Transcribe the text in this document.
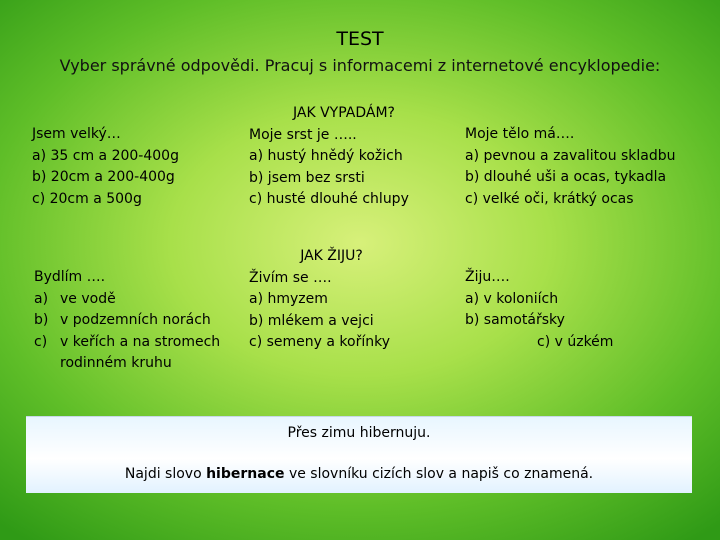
TEST
Vyber správné odpovědi. Pracuj s informacemi z internetové encyklopedie:
Jsem velký…
a) 35 cm a 200-400g
b) 20cm a 200-400g
c) 20cm a 500g
JAK VYPADÁM?
Moje srst je …..
a) hustý hnědý kožich
b) jsem bez srsti
c) husté dlouhé chlupy
Moje tělo má….
a) pevnou a zavalitou skladbu
b) dlouhé uši a ocas, tykadla
c) velké oči, krátký ocas
Bydlím ….
a) ve vodě
b) v podzemních norách
c) v keřích a na stromech rodinném kruhu
JAK ŽIJU?
Živím se ….
a) hmyzem
b) mlékem a vejci
c) semeny a kořínky
Žiju….
a) v koloniích
b) samotářsky
c) v úzkém
Přes zimu hibernuju.
Najdi slovo hibernace ve slovníku cizích slov a napiš co znamená.
